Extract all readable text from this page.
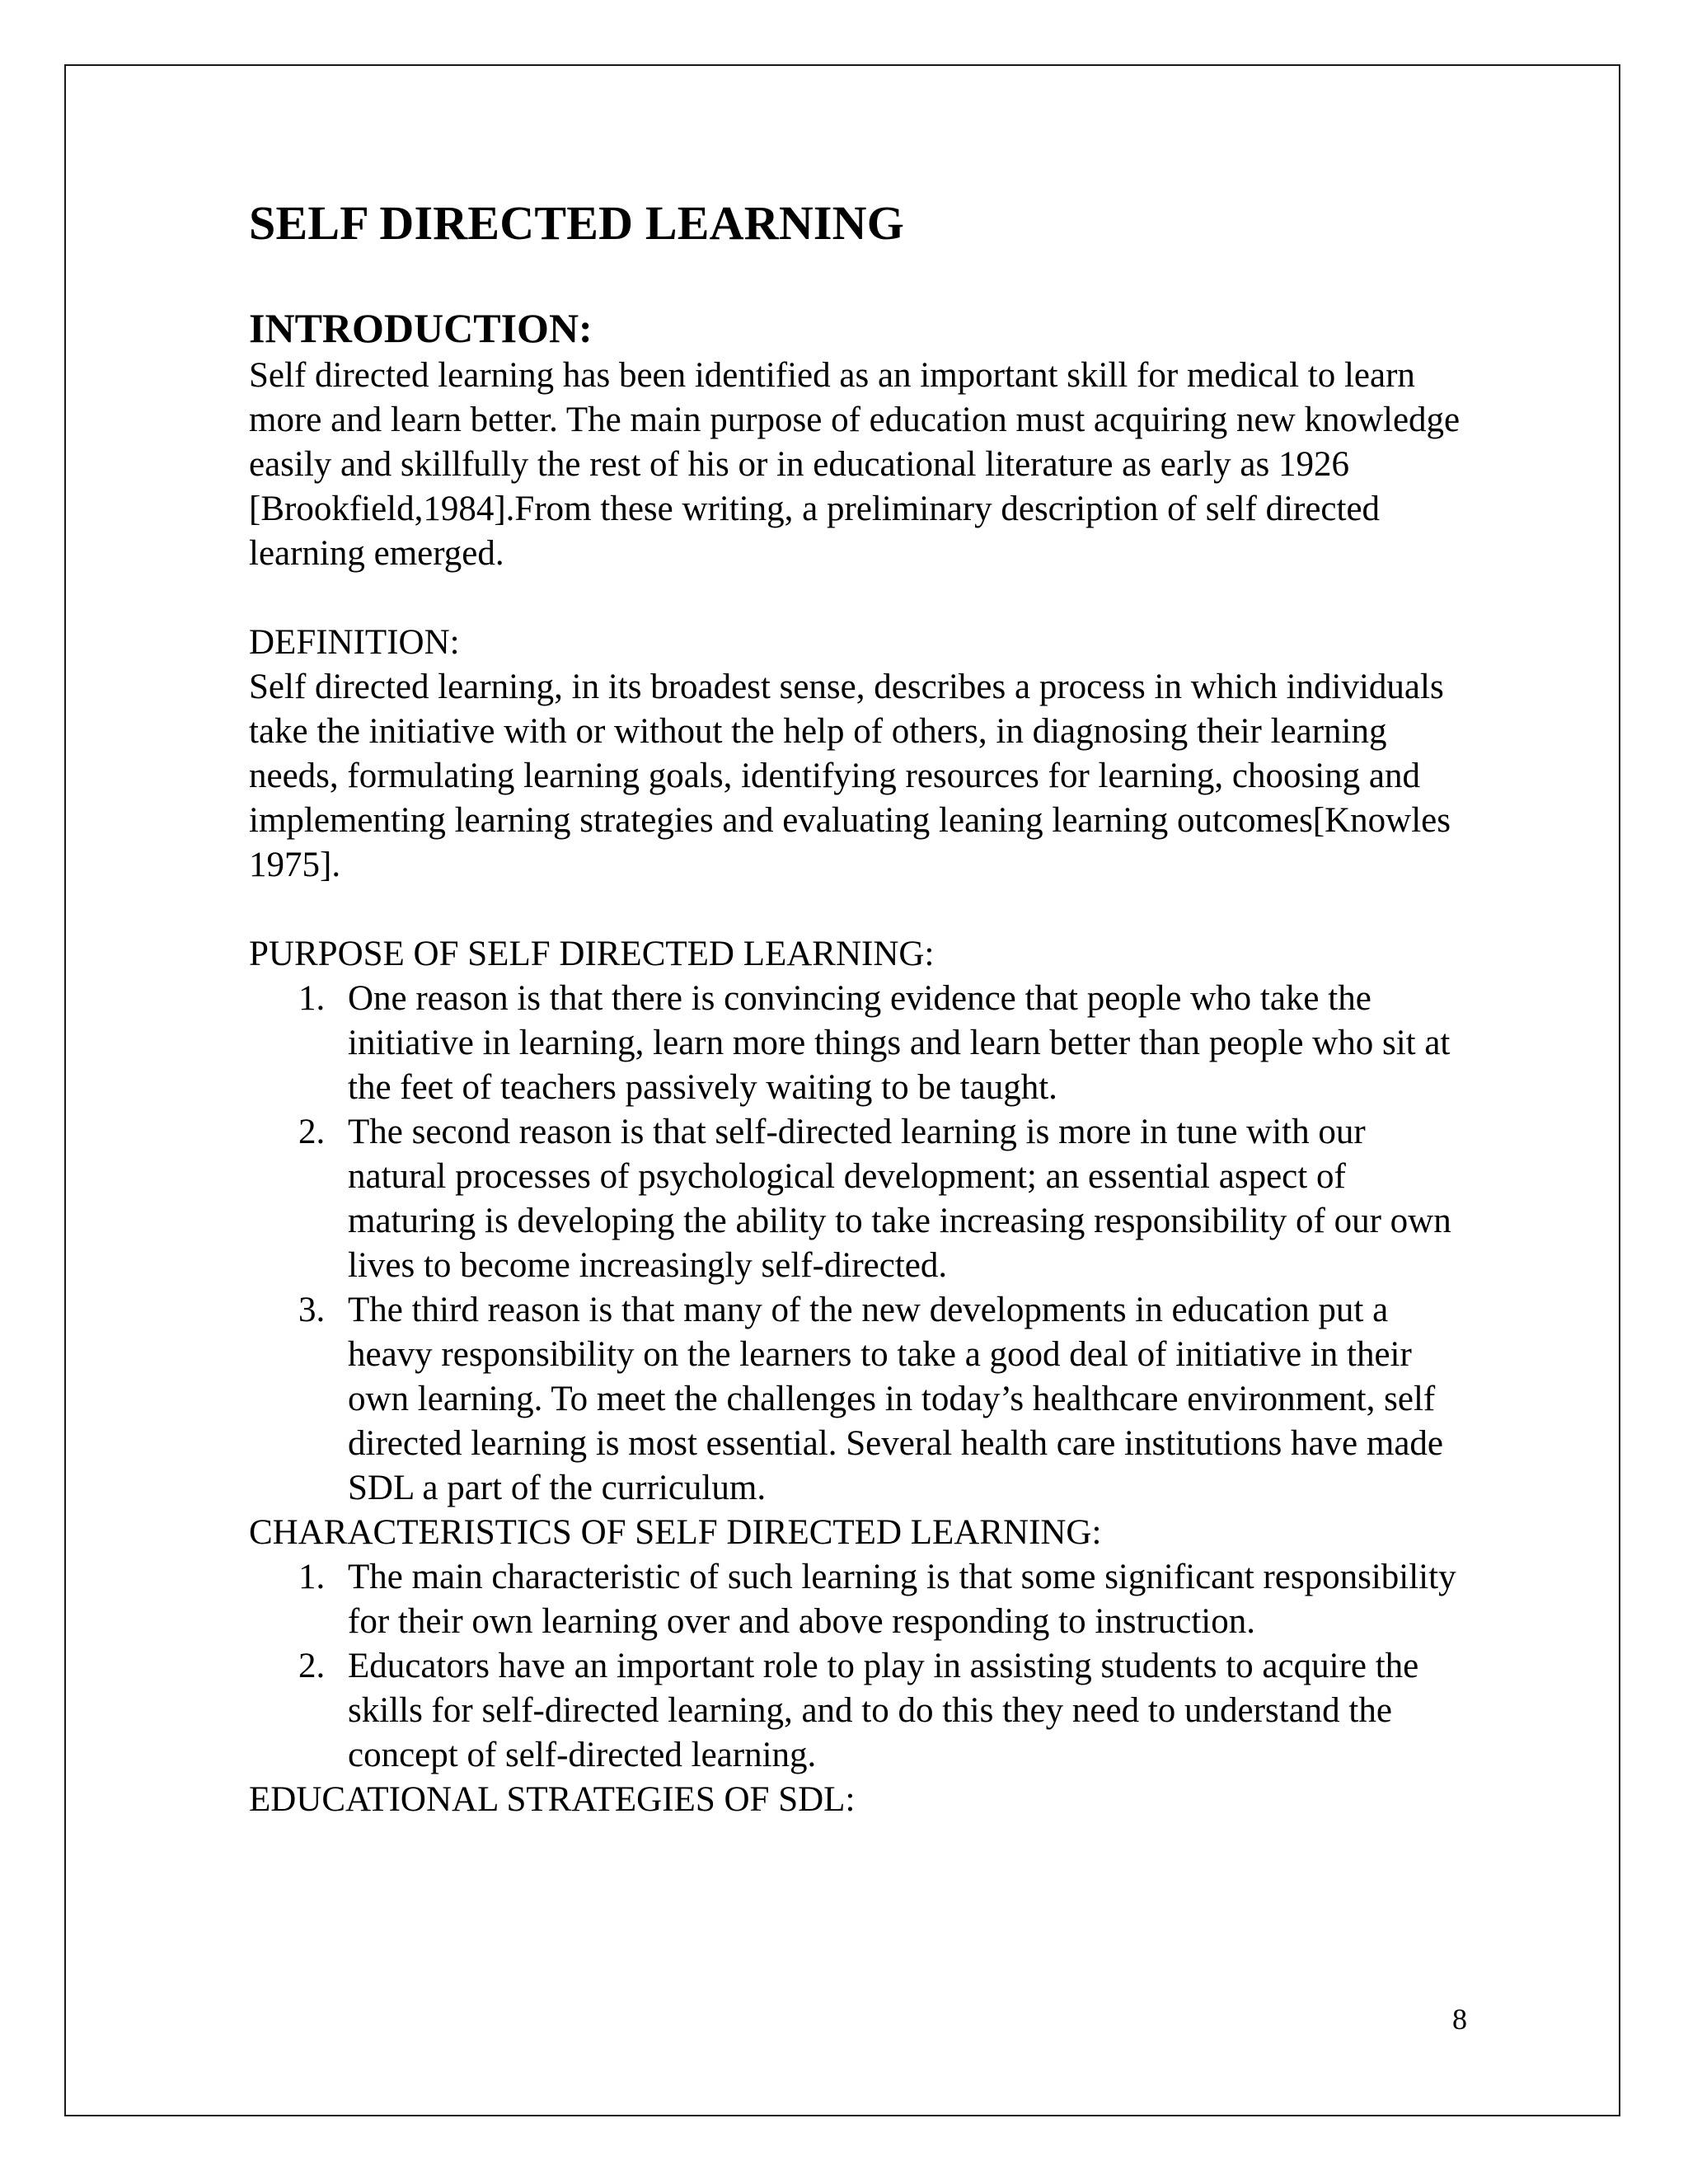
SELF DIRECTED LEARNING
INTRODUCTION:

Self directed learning has been identified as an important skill for medical to learn more and learn better. The main purpose of education must acquiring new knowledge easily and skillfully the rest of his or in educational literature as early as 1926 [Brookfield,1984].From these writing, a preliminary description of self directed learning emerged.

DEFINITION:

Self directed learning, in its broadest sense, describes a process in which individuals take the initiative with or without the help of others, in diagnosing their learning needs, formulating learning goals, identifying resources for learning, choosing and implementing learning strategies and evaluating leaning learning outcomes[Knowles 1975].

PURPOSE OF SELF DIRECTED LEARNING:

1. One reason is that there is convincing evidence that people who take the initiative in learning, learn more things and learn better than people who sit at the feet of teachers passively waiting to be taught.
2. The second reason is that self-directed learning is more in tune with our natural processes of psychological development; an essential aspect of maturing is developing the ability to take increasing responsibility of our own lives to become increasingly self-directed.
3. The third reason is that many of the new developments in education put a heavy responsibility on the learners to take a good deal of initiative in their own learning. To meet the challenges in today’s healthcare environment, self directed learning is most essential. Several health care institutions have made SDL a part of the curriculum.

CHARACTERISTICS OF SELF DIRECTED LEARNING:

1. The main characteristic of such learning is that some significant responsibility for their own learning over and above responding to instruction.
2. Educators have an important role to play in assisting students to acquire the skills for self-directed learning, and to do this they need to understand the concept of self-directed learning.

EDUCATIONAL STRATEGIES OF SDL:

8
